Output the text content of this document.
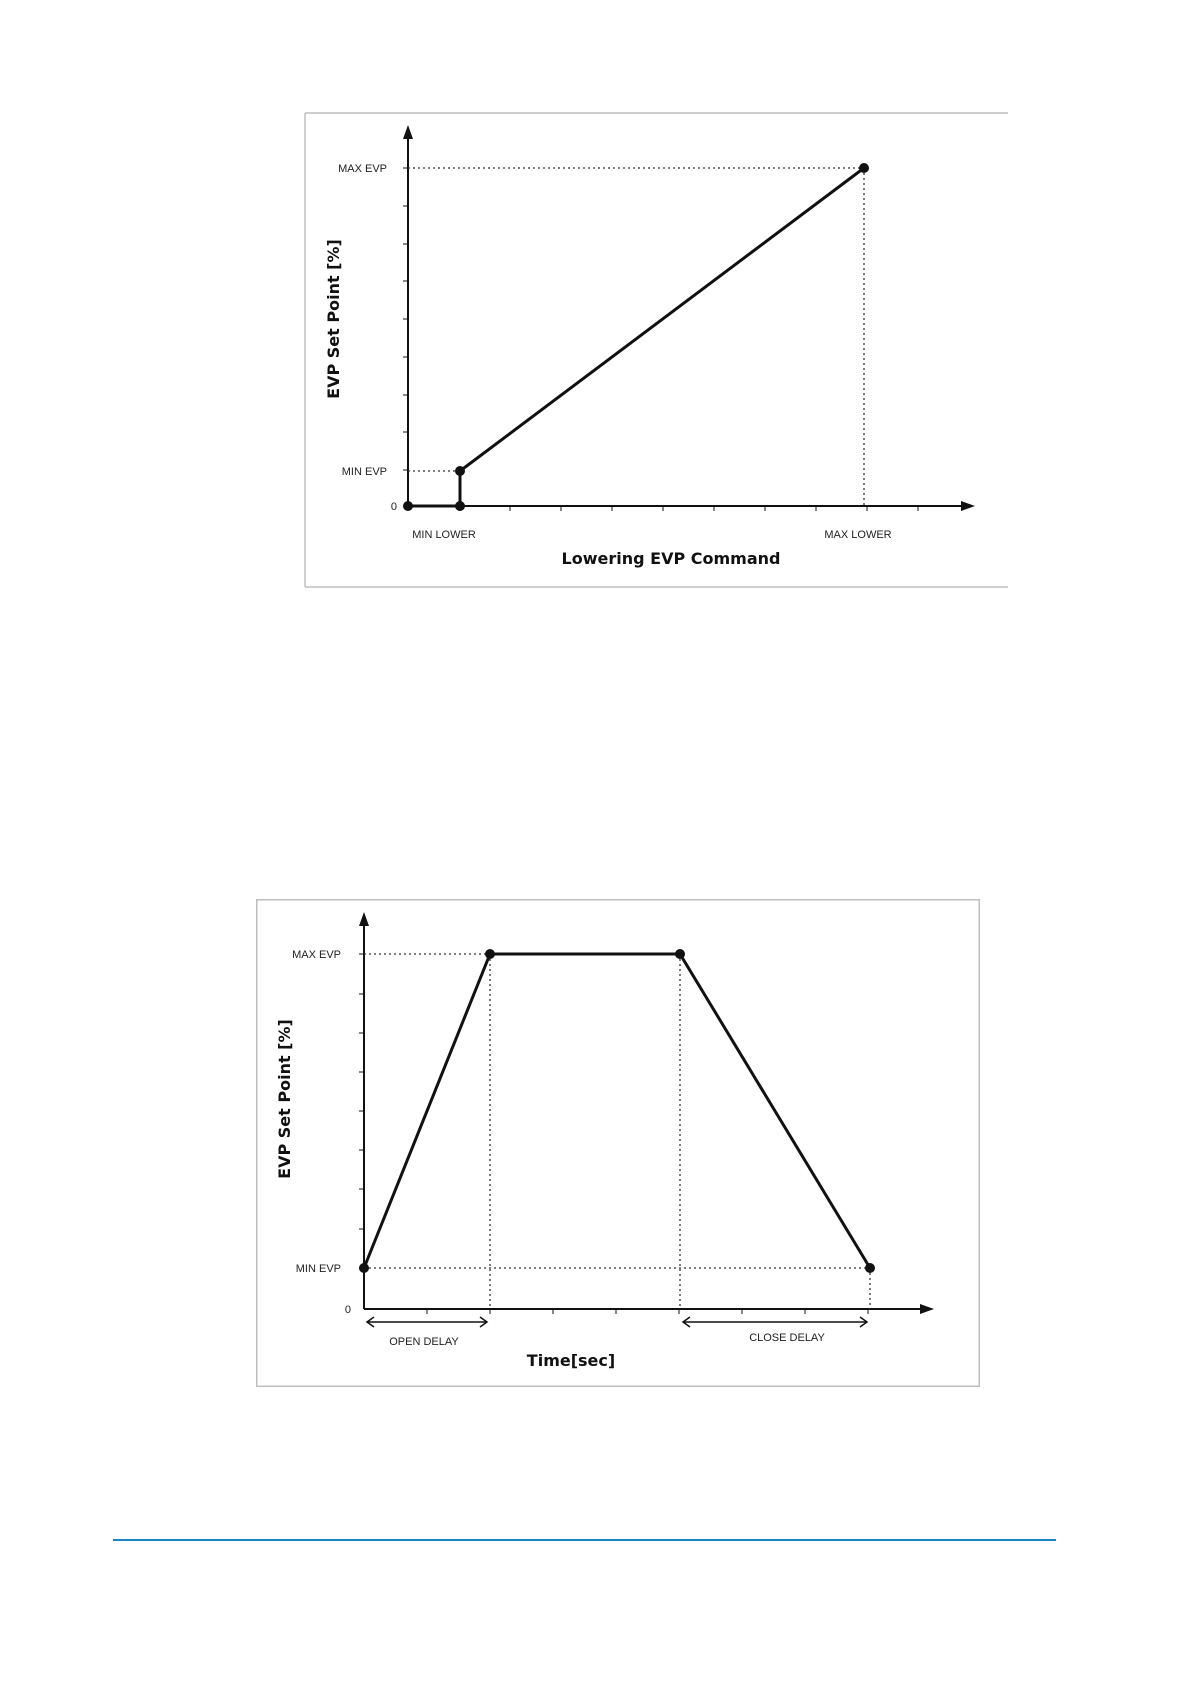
MAX EVP
MIN EVP
0
MIN LOWER	MAX LOWER
Lowering EVP Command
EVP Set Point [%]
MAX EVP
MIN EVP
0
OPEN DELAY	CLOSE DELAY
Time[sec]
EVP Set Point [%]
